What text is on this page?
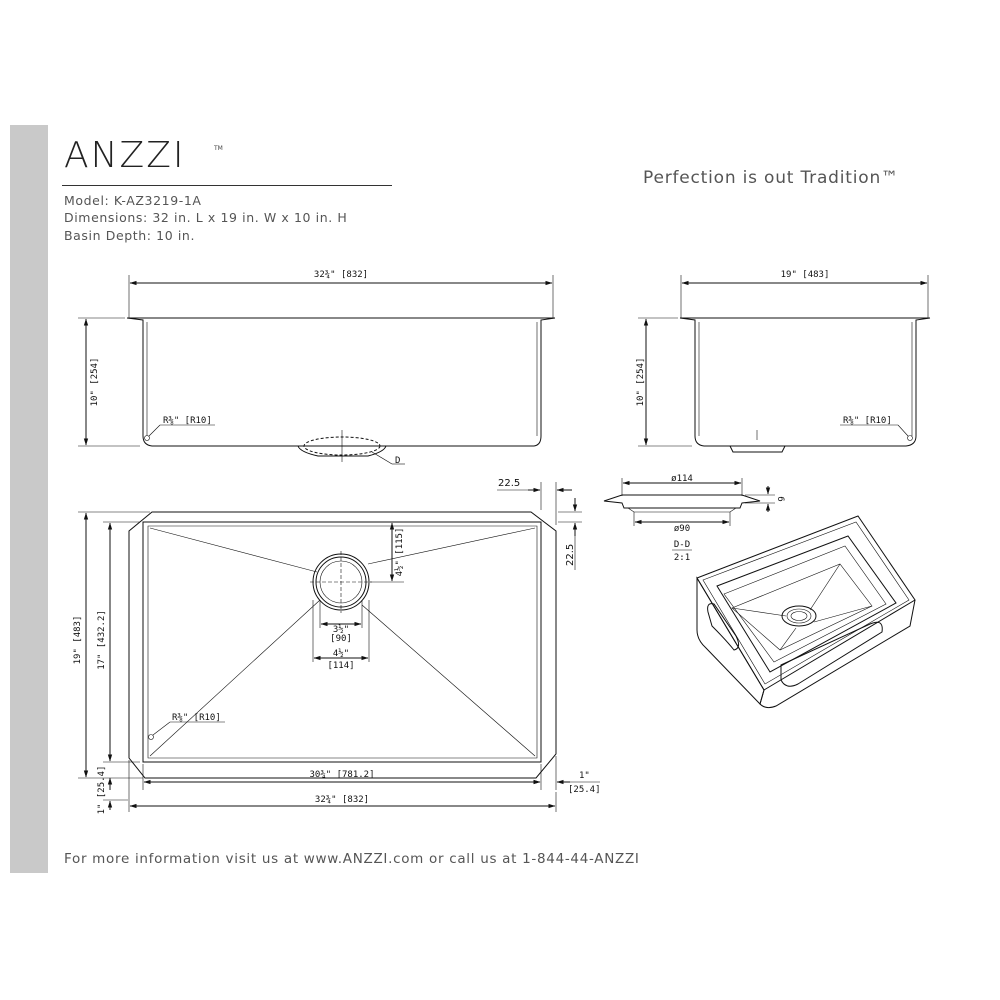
ANZZI	TM
Model: K-AZ3219-1A
Dimensions: 32 in. L x 19 in. W x 10 in. H
Basin Depth: 10 in.
Perfection is out Tradition™
For more information visit us at www.ANZZI.com or call us at 1-844-44-ANZZI
32¾" [832]
D
R⅜" [R10]
10" [254]
19" [483]
R⅜" [R10]
10" [254]
4½" [115]
3½"
[90]
4½"
[114]
R⅜" [R10]
22.5
22.5
19" [483] 17" [432.2]
1" [25.4]	30¾" [781.2]	1"
[25.4]
32¾" [832]
ø114
ø90
6
D-D
2:1
